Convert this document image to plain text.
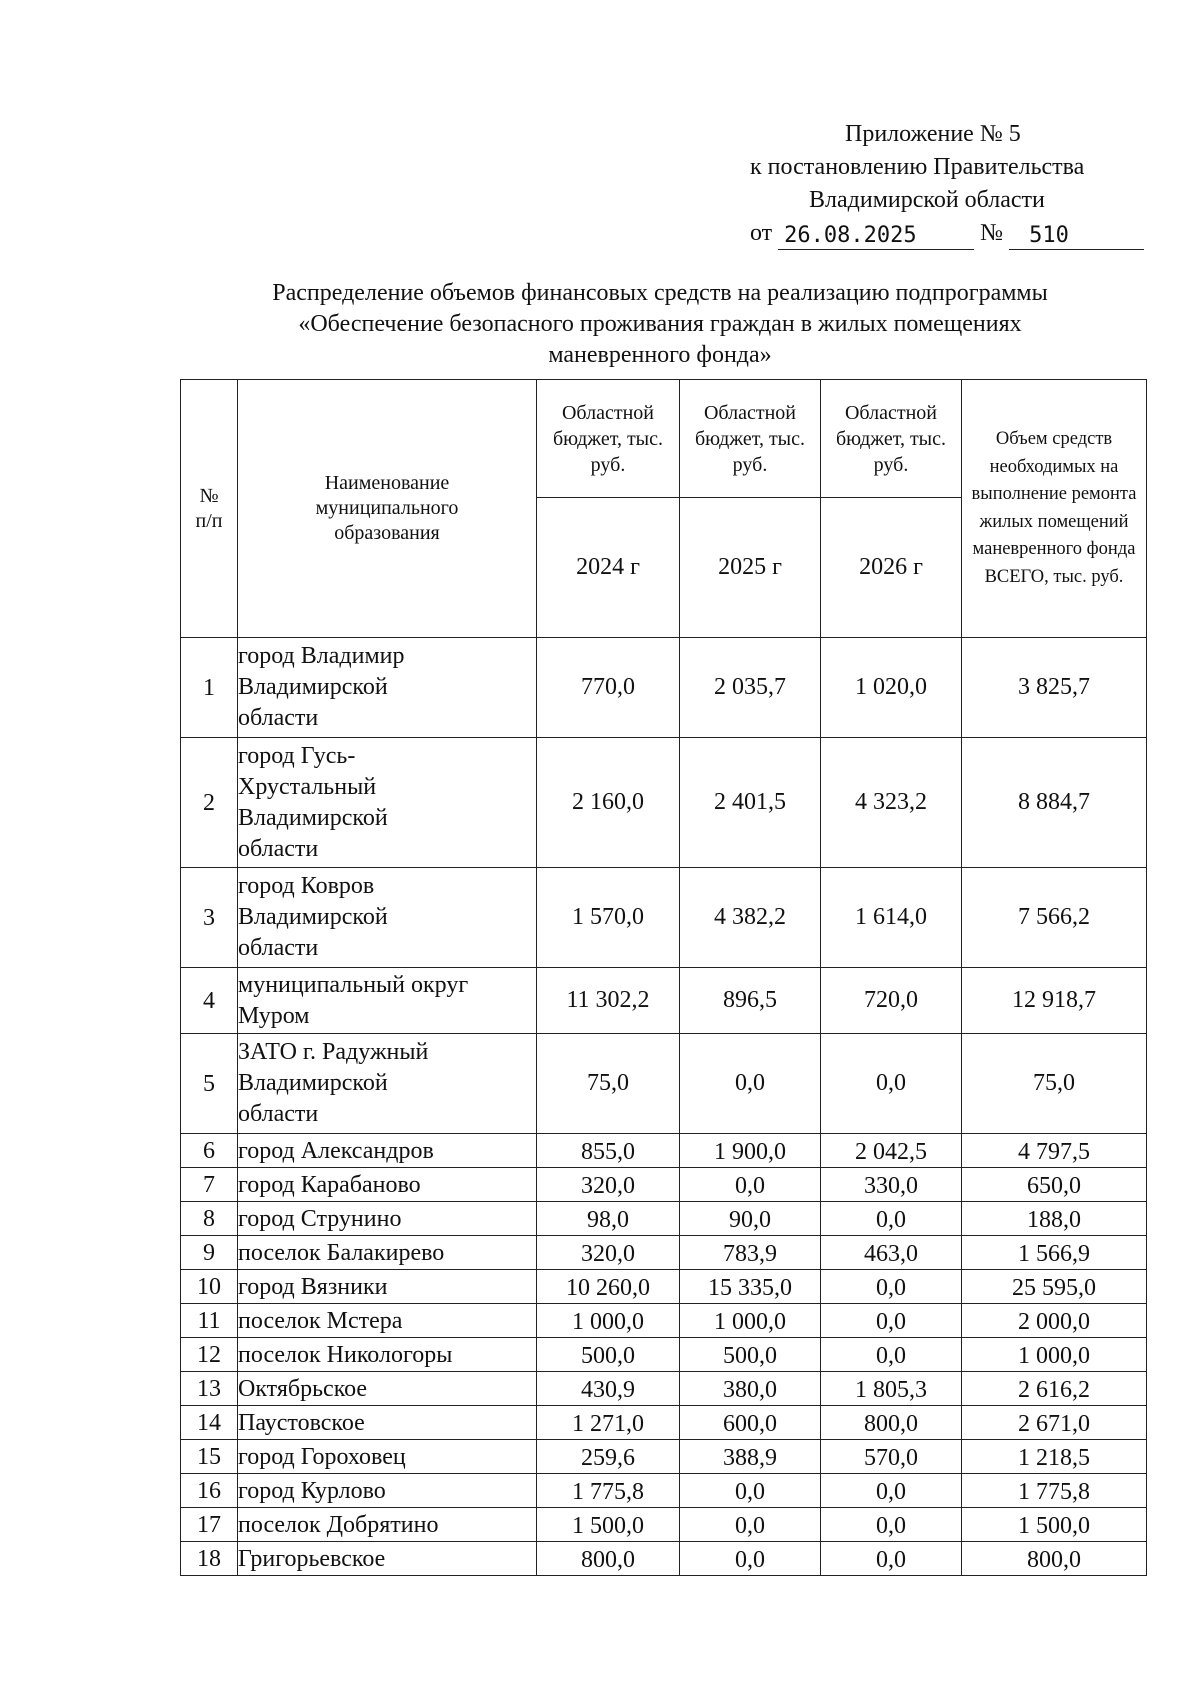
Приложение № 5
к постановлению Правительства
Владимирской области
от 26.08.2025	№ 510
Распределение объемов финансовых средств на реализацию подпрограммы
«Обеспечение безопасного проживания граждан в жилых помещениях
маневренного фонда»
№ п/п	Наименование муниципального образования	Областной бюджет, тыс. руб.	Областной бюджет, тыс. руб.	Областной бюджет, тыс. руб.	Объем средств необходимых на выполнение ремонта жилых помещений маневренного фонда ВСЕГО, тыс. руб.
		2024 г	2025 г	2026 г	
1	город Владимир
Владимирской
области	770,0	2 035,7	1 020,0	3 825,7
2	город Гусь-
Хрустальный
Владимирской
области	2 160,0	2 401,5	4 323,2	8 884,7
3	город Ковров
Владимирской
области	1 570,0	4 382,2	1 614,0	7 566,2
4	муниципальный округ
Муром	11 302,2	896,5	720,0	12 918,7
5	ЗАТО г. Радужный
Владимирской
области	75,0	0,0	0,0	75,0
6	город Александров	855,0	1 900,0	2 042,5	4 797,5
7	город Карабаново	320,0	0,0	330,0	650,0
8	город Струнино	98,0	90,0	0,0	188,0
9	поселок Балакирево	320,0	783,9	463,0	1 566,9
10	город Вязники	10 260,0	15 335,0	0,0	25 595,0
11	поселок Мстера	1 000,0	1 000,0	0,0	2 000,0
12	поселок Никологоры	500,0	500,0	0,0	1 000,0
13	Октябрьское	430,9	380,0	1 805,3	2 616,2
14	Паустовское	1 271,0	600,0	800,0	2 671,0
15	город Гороховец	259,6	388,9	570,0	1 218,5
16	город Курлово	1 775,8	0,0	0,0	1 775,8
17	поселок Добрятино	1 500,0	0,0	0,0	1 500,0
18	Григорьевское	800,0	0,0	0,0	800,0
